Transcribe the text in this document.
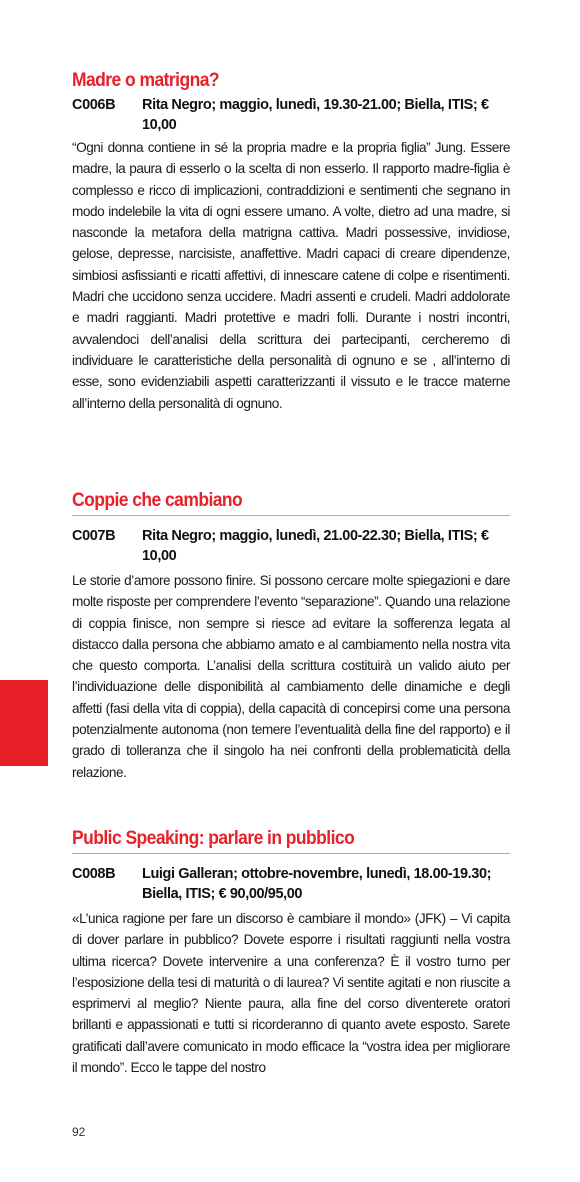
Madre o matrigna?
C006B Rita Negro; maggio, lunedì, 19.30-21.00; Biella, ITIS; € 10,00
“Ogni donna contiene in sé la propria madre e la propria figlia” Jung. Essere madre, la paura di esserlo o la scelta di non esserlo. Il rapporto madre-figlia è complesso e ricco di implicazioni, contraddizioni e sentimenti che segnano in modo indelebile la vita di ogni essere umano. A volte, dietro ad una madre, si nasconde la metafora della matrigna cattiva. Madri possessive, invidiose, gelose, depresse, narcisiste, anaffettive. Madri capaci di creare dipendenze, simbiosi asfissianti e ricatti affettivi, di innescare catene di colpe e risentimenti. Madri che uccidono senza uccidere. Madri assenti e crudeli. Madri addolorate e madri raggianti. Madri protettive e madri folli. Durante i nostri incontri, avvalendoci dell’analisi della scrittura dei partecipanti, cercheremo di individuare le caratteristiche della personalità di ognuno e se , all’interno di esse, sono evidenziabili aspetti caratterizzanti il vissuto e le tracce materne all’interno della personalità di ognuno.
Coppie che cambiano
C007B Rita Negro; maggio, lunedì, 21.00-22.30; Biella, ITIS; € 10,00
Le storie d’amore possono finire. Si possono cercare molte spiegazioni e dare molte risposte per comprendere l’evento “separazione”. Quando una relazione di coppia finisce, non sempre si riesce ad evitare la sofferenza legata al distacco dalla persona che abbiamo amato e al cambiamento nella nostra vita che questo comporta. L’analisi della scrittura costituirà un valido aiuto per l’individuazione delle disponibilità al cambiamento delle dinamiche e degli affetti (fasi della vita di coppia), della capacità di concepirsi come una persona potenzialmente autonoma (non temere l’eventualità della fine del rapporto) e il grado di tolleranza che il singolo ha nei confronti della problematicità della relazione.
Public Speaking: parlare in pubblico
C008B Luigi Galleran; ottobre-novembre, lunedì, 18.00-19.30; Biella, ITIS; € 90,00/95,00
«L’unica ragione per fare un discorso è cambiare il mondo» (JFK) – Vi capita di dover parlare in pubblico? Dovete esporre i risultati raggiunti nella vostra ultima ricerca? Dovete intervenire a una conferenza? È il vostro turno per l’esposizione della tesi di maturità o di laurea? Vi sentite agitati e non riuscite a esprimervi al meglio? Niente paura, alla fine del corso diventerete oratori brillanti e appassionati e tutti si ricorderanno di quanto avete esposto. Sarete gratificati dall’avere comunicato in modo efficace la “vostra idea per migliorare il mondo”. Ecco le tappe del nostro
92
